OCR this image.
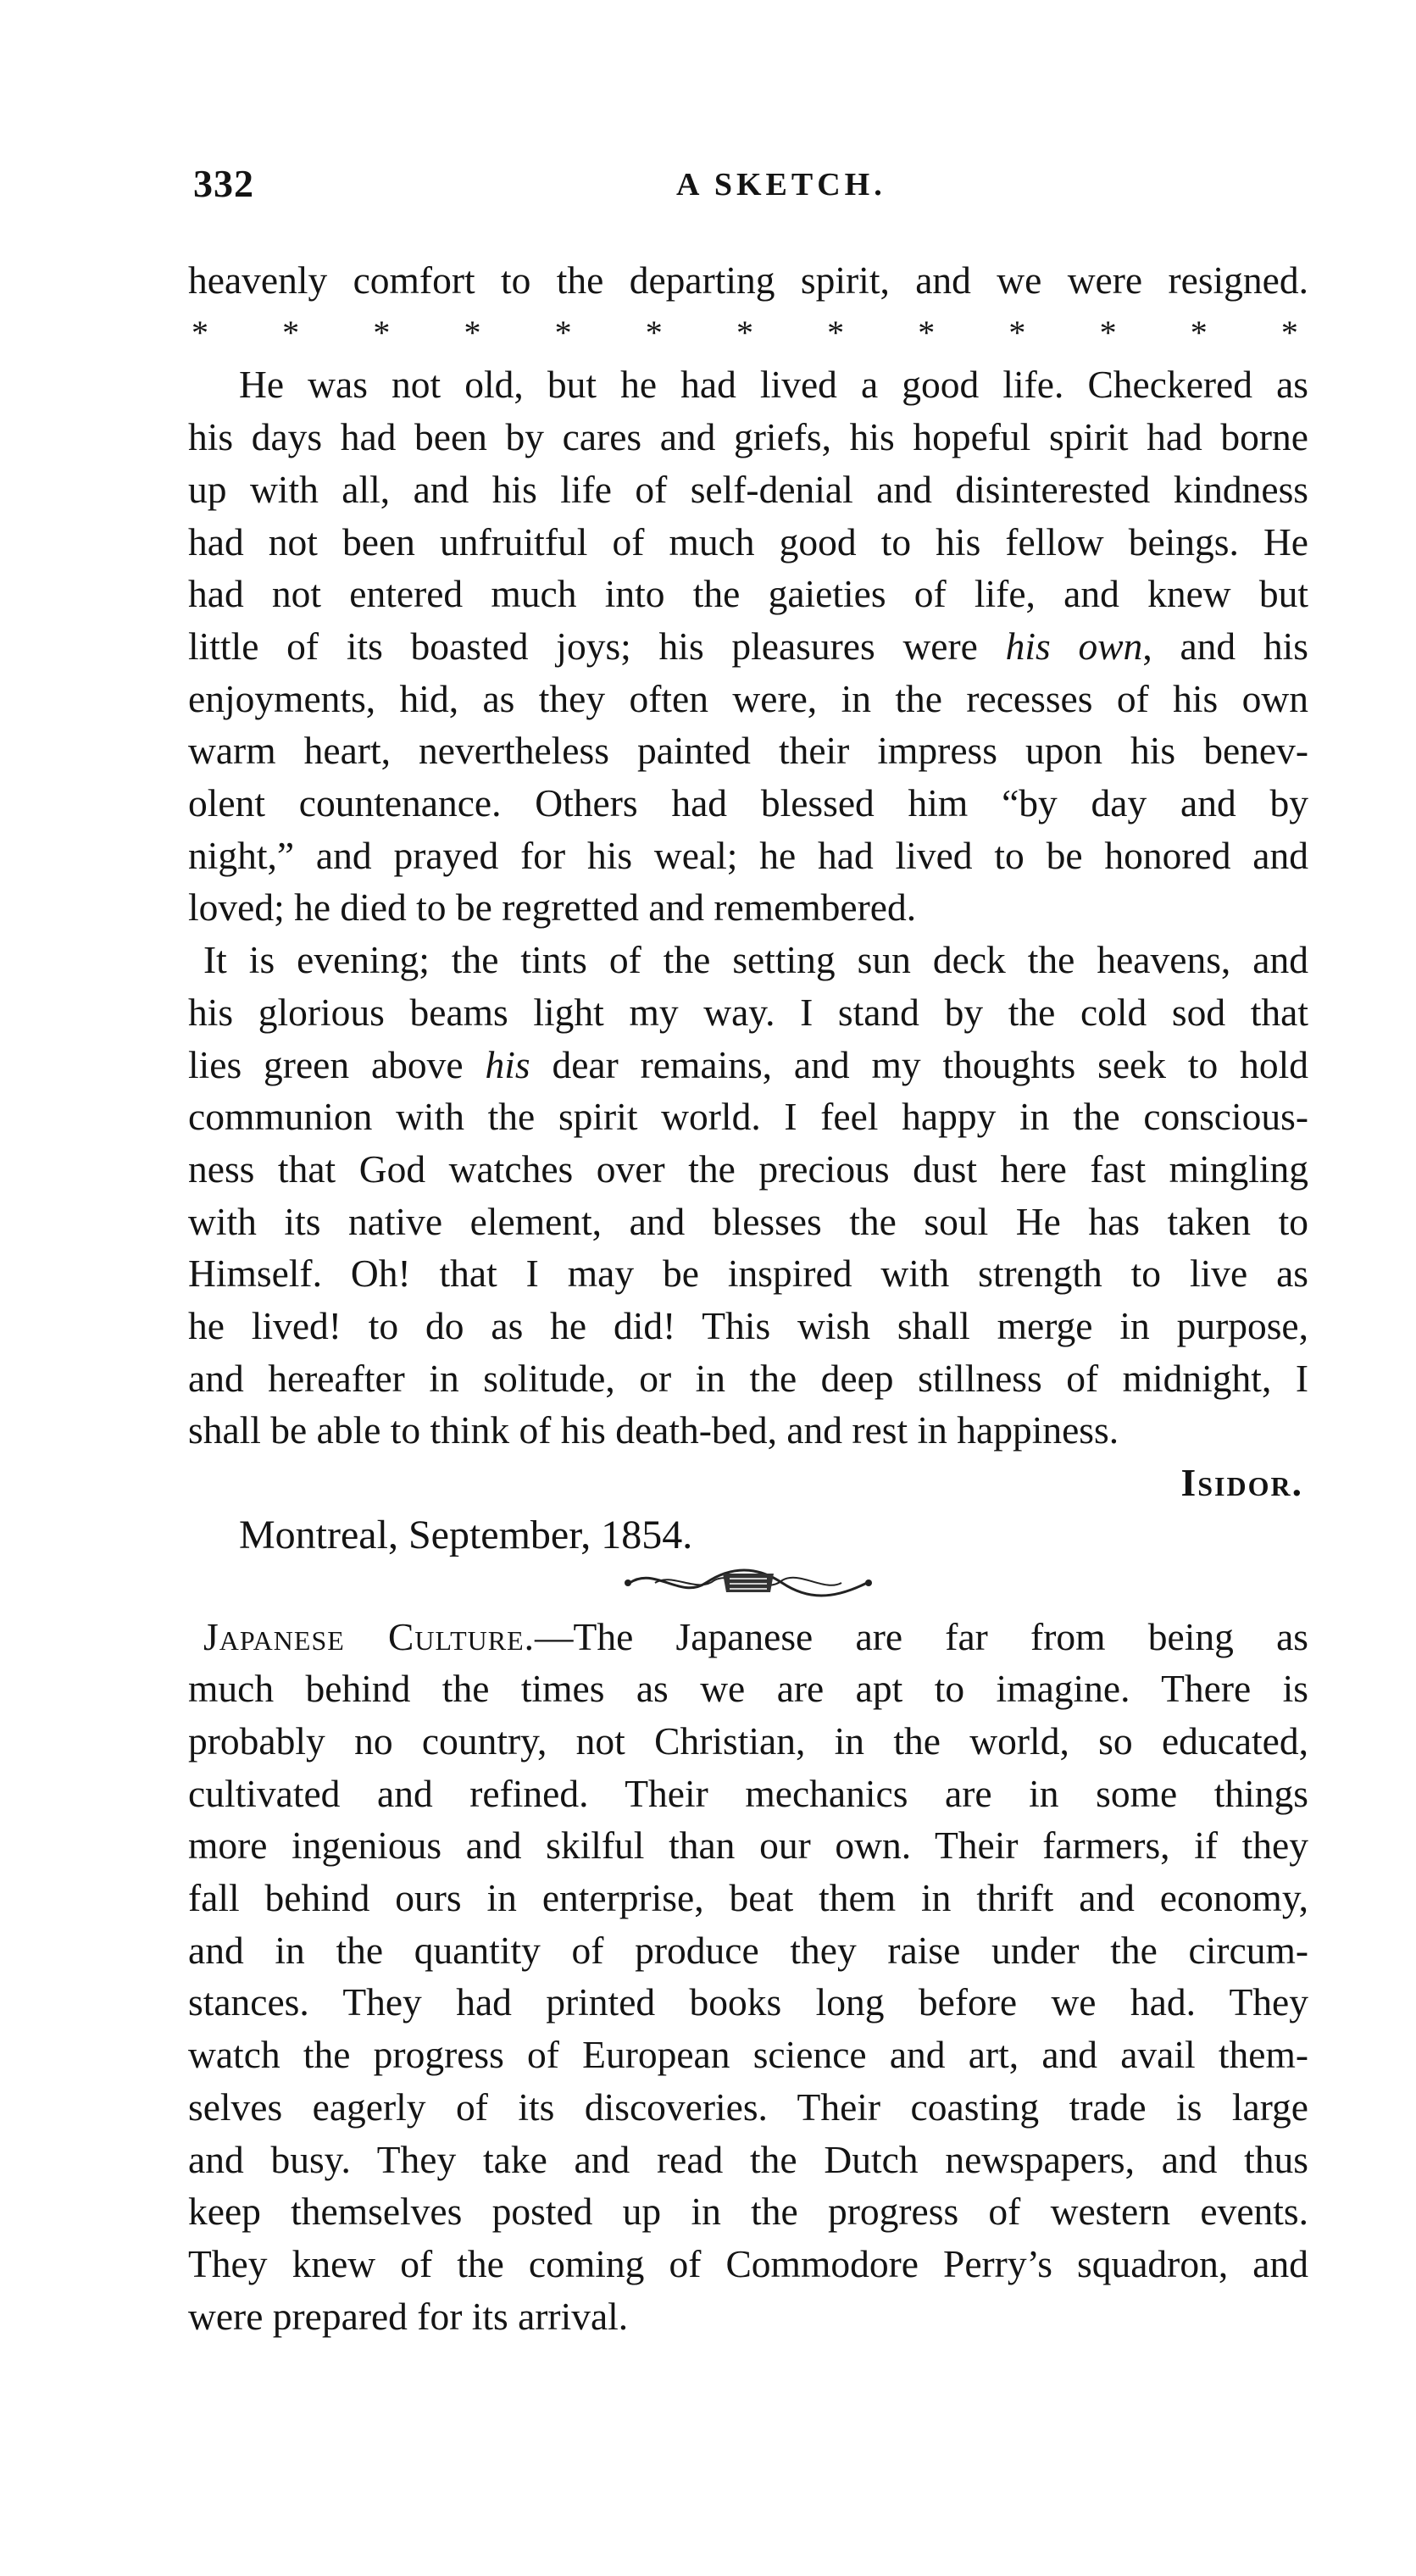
332	A SKETCH.
heavenly comfort to the departing spirit, and we were resigned.
* * * * * * * * * * * * *
He was not old, but he had lived a good life. Checkered as
his days had been by cares and griefs, his hopeful spirit had borne
up with all, and his life of self-denial and disinterested kindness
had not been unfruitful of much good to his fellow beings. He
had not entered much into the gaieties of life, and knew but
little of its boasted joys; his pleasures were his own, and his
enjoyments, hid, as they often were, in the recesses of his own
warm heart, nevertheless painted their impress upon his benev-
olent countenance. Others had blessed him “by day and by
night,” and prayed for his weal; he had lived to be honored and
loved; he died to be regretted and remembered.
It is evening; the tints of the setting sun deck the heavens, and
his glorious beams light my way. I stand by the cold sod that
lies green above his dear remains, and my thoughts seek to hold
communion with the spirit world. I feel happy in the conscious-
ness that God watches over the precious dust here fast mingling
with its native element, and blesses the soul He has taken to
Himself. Oh! that I may be inspired with strength to live as
he lived! to do as he did! This wish shall merge in purpose,
and hereafter in solitude, or in the deep stillness of midnight, I
shall be able to think of his death-bed, and rest in happiness.
Isidor.
Montreal, September, 1854.
Japanese Culture.—The Japanese are far from being as
much behind the times as we are apt to imagine. There is
probably no country, not Christian, in the world, so educated,
cultivated and refined. Their mechanics are in some things
more ingenious and skilful than our own. Their farmers, if they
fall behind ours in enterprise, beat them in thrift and economy,
and in the quantity of produce they raise under the circum-
stances. They had printed books long before we had. They
watch the progress of European science and art, and avail them-
selves eagerly of its discoveries. Their coasting trade is large
and busy. They take and read the Dutch newspapers, and thus
keep themselves posted up in the progress of western events.
They knew of the coming of Commodore Perry’s squadron, and
were prepared for its arrival.
